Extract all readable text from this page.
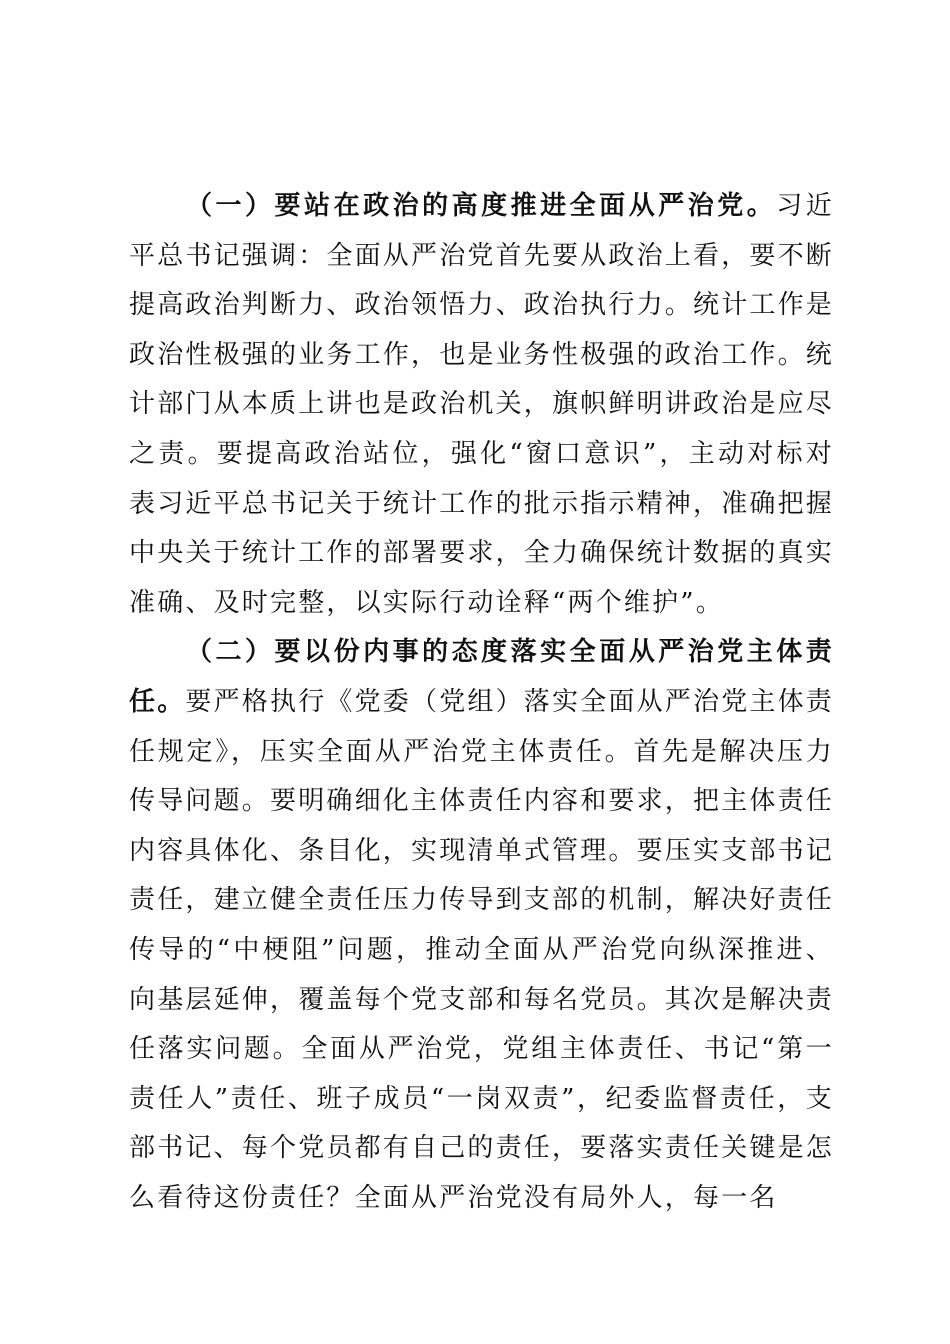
（一）要站在政治的高度推进全面从严治党。习近平总书记强调：全面从严治党首先要从政治上看，要不断提高政治判断力、政治领悟力、政治执行力。统计工作是政治性极强的业务工作，也是业务性极强的政治工作。统计部门从本质上讲也是政治机关，旗帜鲜明讲政治是应尽之责。要提高政治站位，强化“窗口意识”，主动对标对表习近平总书记关于统计工作的批示指示精神，准确把握中央关于统计工作的部署要求，全力确保统计数据的真实准确、及时完整，以实际行动诠释“两个维护”。

（二）要以份内事的态度落实全面从严治党主体责任。要严格执行《党委（党组）落实全面从严治党主体责任规定》，压实全面从严治党主体责任。首先是解决压力传导问题。要明确细化主体责任内容和要求，把主体责任内容具体化、条目化，实现清单式管理。要压实支部书记责任，建立健全责任压力传导到支部的机制，解决好责任传导的“中梗阻”问题，推动全面从严治党向纵深推进、向基层延伸，覆盖每个党支部和每名党员。其次是解决责任落实问题。全面从严治党，党组主体责任、书记“第一责任人”责任、班子成员“一岗双责”，纪委监督责任，支部书记、每个党员都有自己的责任，要落实责任关键是怎么看待这份责任？全面从严治党没有局外人，每一名
